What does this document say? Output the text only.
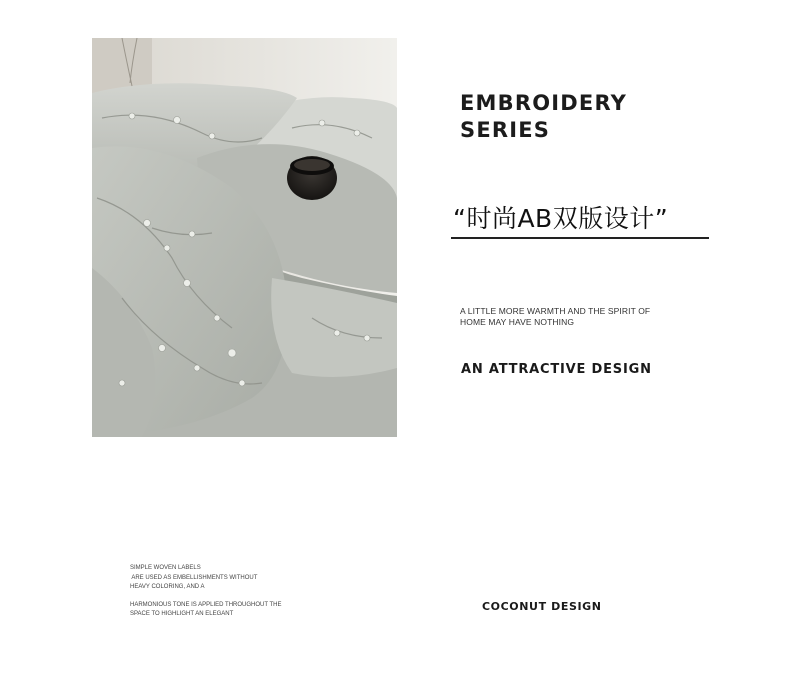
EMBROIDERY
SERIES
“时尚AB双版设计”
A LITTLE MORE WARMTH AND THE SPIRIT OF
HOME MAY HAVE NOTHING
AN ATTRACTIVE DESIGN
SIMPLE WOVEN LABELS
ARE USED AS EMBELLISHMENTS WITHOUT
HEAVY COLORING, AND A
HARMONIOUS TONE IS APPLIED THROUGHOUT THE
SPACE TO HIGHLIGHT AN ELEGANT
COCONUT DESIGN
